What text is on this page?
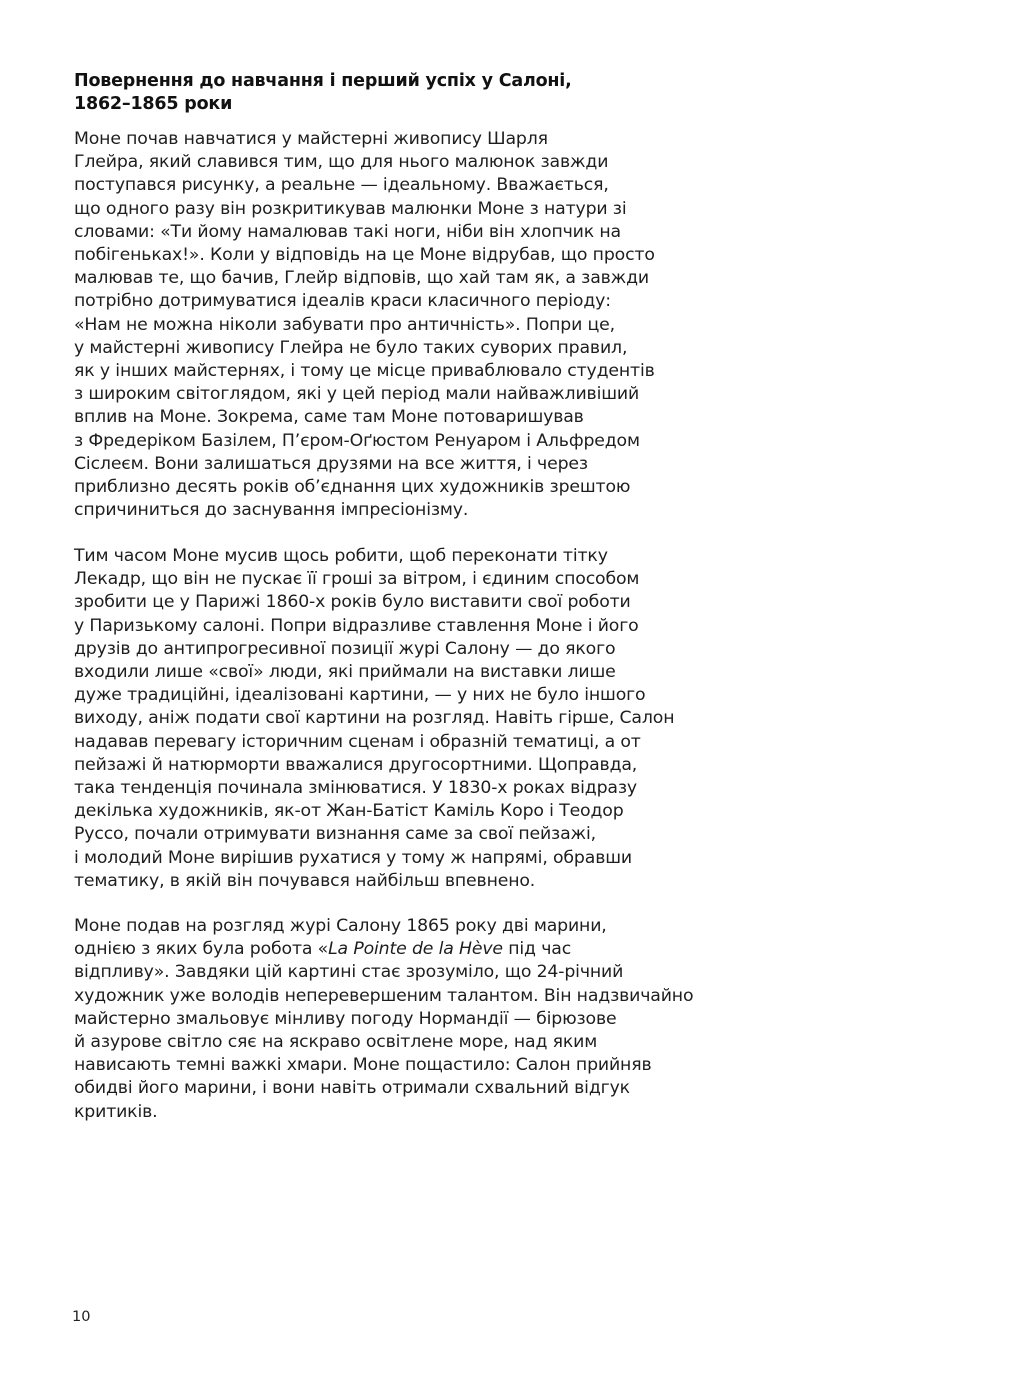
Повернення до навчання і перший успіх у Салоні,
1862–1865 роки

Моне почав навчатися у майстерні живопису Шарля
Глейра, який славився тим, що для нього малюнок завжди
поступався рисунку, а реальне — ідеальному. Вважається,
що одного разу він розкритикував малюнки Моне з натури зі
словами: «Ти йому намалював такі ноги, ніби він хлопчик на
побігеньках!». Коли у відповідь на це Моне відрубав, що просто
малював те, що бачив, Глейр відповів, що хай там як, а завжди
потрібно дотримуватися ідеалів краси класичного періоду:
«Нам не можна ніколи забувати про античність». Попри це,
у майстерні живопису Глейра не було таких суворих правил,
як у інших майстернях, і тому це місце приваблювало студентів
з широким світоглядом, які у цей період мали найважливіший
вплив на Моне. Зокрема, саме там Моне потоваришував
з Фредеріком Базілем, П’єром-Оґюстом Ренуаром і Альфредом
Сіслеєм. Вони залишаться друзями на все життя, і через
приблизно десять років об’єднання цих художників зрештою
спричиниться до заснування імпресіонізму.

Тим часом Моне мусив щось робити, щоб переконати тітку
Лекадр, що він не пускає її гроші за вітром, і єдиним способом
зробити це у Парижі 1860-х років було виставити свої роботи
у Паризькому салоні. Попри відразливе ставлення Моне і його
друзів до антипрогресивної позиції журі Салону — до якого
входили лише «свої» люди, які приймали на виставки лише
дуже традиційні, ідеалізовані картини, — у них не було іншого
виходу, аніж подати свої картини на розгляд. Навіть гірше, Салон
надавав перевагу історичним сценам і образній тематиці, а от
пейзажі й натюрморти вважалися другосортними. Щоправда,
така тенденція починала змінюватися. У 1830-х роках відразу
декілька художників, як-от Жан-Батіст Каміль Коро і Теодор
Руссо, почали отримувати визнання саме за свої пейзажі,
і молодий Моне вирішив рухатися у тому ж напрямі, обравши
тематику, в якій він почувався найбільш впевнено.

Моне подав на розгляд журі Салону 1865 року дві марини,
однією з яких була робота «La Pointe de la Hève під час
відпливу». Завдяки цій картині стає зрозуміло, що 24-річний
художник уже володів неперевершеним талантом. Він надзвичайно
майстерно змальовує мінливу погоду Нормандії — бірюзове
й азурове світло сяє на яскраво освітлене море, над яким
нависають темні важкі хмари. Моне пощастило: Салон прийняв
обидві його марини, і вони навіть отримали схвальний відгук
критиків.

10
